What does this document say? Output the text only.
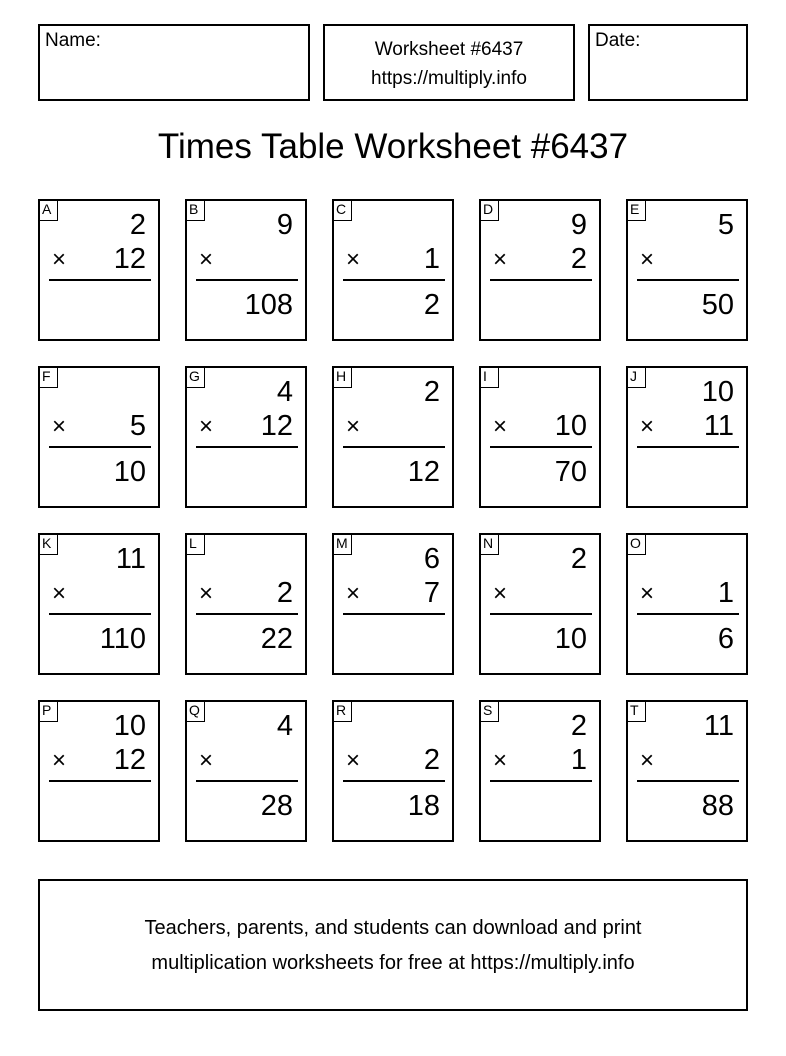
Name:	Worksheet #6437
https://multiply.info
Date:
Times Table Worksheet #6437
A	2
× 12
B	9
×
108
C
× 1
2
D	9
× 2
E	5
×
50
F
× 5
10
G	4
× 12
H	2
×
12
I
× 10
70
J	10
× 11
K 11
×
110
L
× 2
22
M	6
× 7
N	2
×
10
O
× 1
6
P 10
× 12
Q	4
×
28
R
× 2
18
S	2
× 1
T 11
×
88
Teachers, parents, and students can download and print
multiplication worksheets for free at https://multiply.info
